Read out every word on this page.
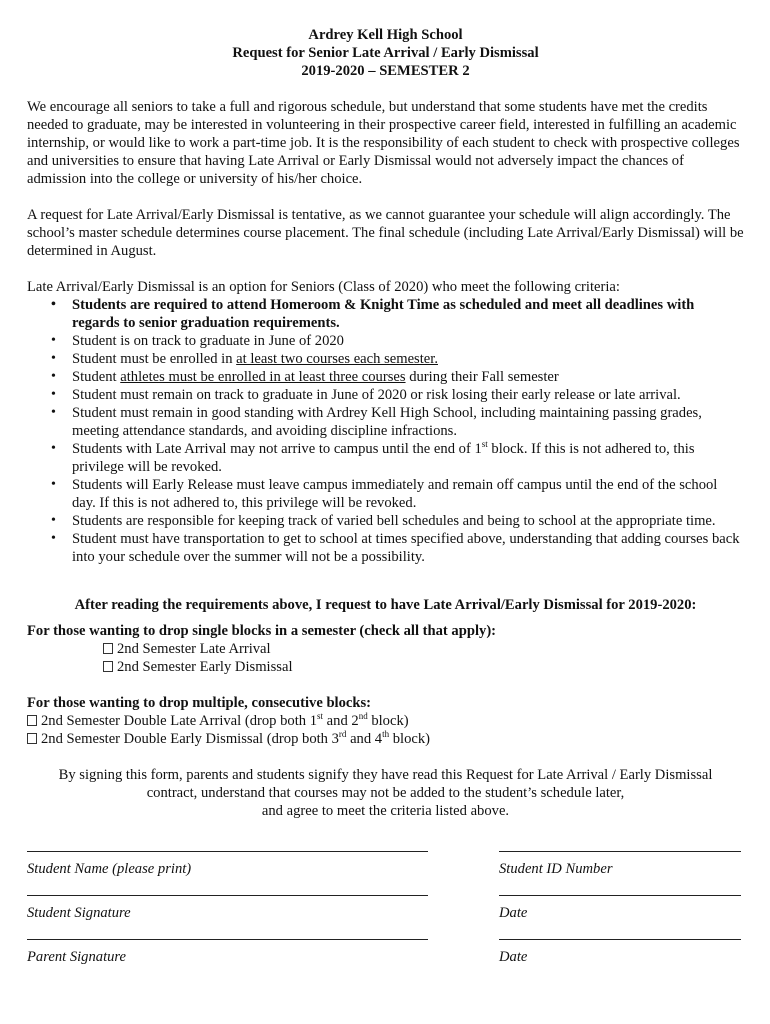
Ardrey Kell High School
Request for Senior Late Arrival / Early Dismissal
2019-2020 – SEMESTER 2

We encourage all seniors to take a full and rigorous schedule, but understand that some students have met the credits needed to graduate, may be interested in volunteering in their prospective career field, interested in fulfilling an academic internship, or would like to work a part-time job. It is the responsibility of each student to check with prospective colleges and universities to ensure that having Late Arrival or Early Dismissal would not adversely impact the chances of admission into the college or university of his/her choice.

A request for Late Arrival/Early Dismissal is tentative, as we cannot guarantee your schedule will align accordingly. The school’s master schedule determines course placement. The final schedule (including Late Arrival/Early Dismissal) will be determined in August.

Late Arrival/Early Dismissal is an option for Seniors (Class of 2020) who meet the following criteria:

• Students are required to attend Homeroom & Knight Time as scheduled and meet all deadlines with regards to senior graduation requirements.
• Student is on track to graduate in June of 2020
• Student must be enrolled in at least two courses each semester.
• Student athletes must be enrolled in at least three courses during their Fall semester
• Student must remain on track to graduate in June of 2020 or risk losing their early release or late arrival.
• Student must remain in good standing with Ardrey Kell High School, including maintaining passing grades, meeting attendance standards, and avoiding discipline infractions.
• Students with Late Arrival may not arrive to campus until the end of 1st block. If this is not adhered to, this privilege will be revoked.
• Students will Early Release must leave campus immediately and remain off campus until the end of the school day. If this is not adhered to, this privilege will be revoked.
• Students are responsible for keeping track of varied bell schedules and being to school at the appropriate time.
• Student must have transportation to get to school at times specified above, understanding that adding courses back into your schedule over the summer will not be a possibility.

After reading the requirements above, I request to have Late Arrival/Early Dismissal for 2019-2020:

For those wanting to drop single blocks in a semester (check all that apply):
2nd Semester Late Arrival
2nd Semester Early Dismissal
For those wanting to drop multiple, consecutive blocks:
2nd Semester Double Late Arrival (drop both 1st and 2nd block)
2nd Semester Double Early Dismissal (drop both 3rd and 4th block)
By signing this form, parents and students signify they have read this Request for Late Arrival / Early Dismissal
contract, understand that courses may not be added to the student’s schedule later,
and agree to meet the criteria listed above.
Student Name (please print)	Student ID Number
Student Signature	Date
Parent Signature	Date
